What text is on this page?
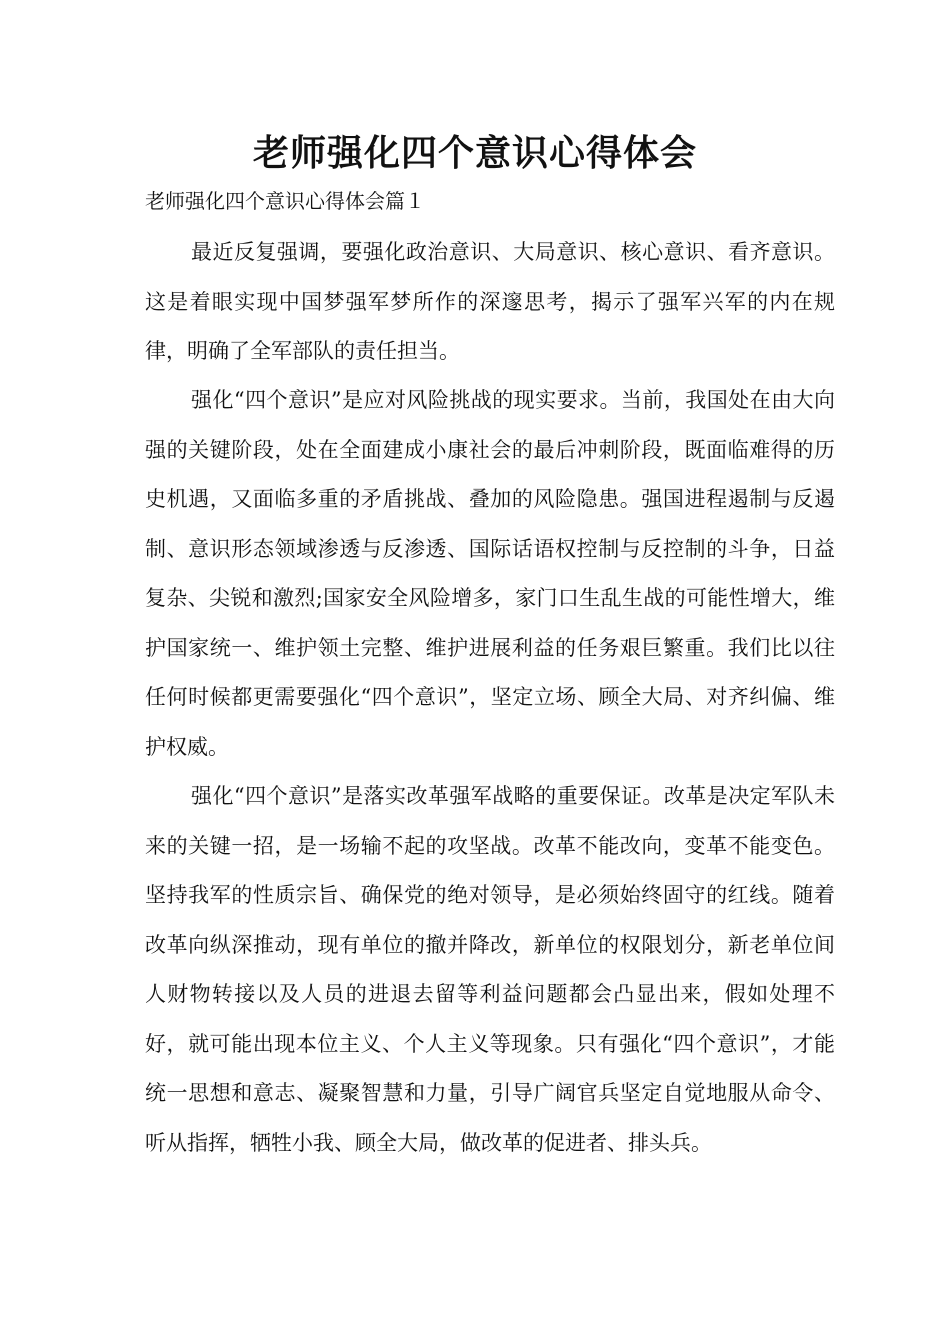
老师强化四个意识心得体会
老师强化四个意识心得体会篇１

最近反复强调，要强化政治意识、大局意识、核心意识、看齐意识。这是着眼实现中国梦强军梦所作的深邃思考，揭示了强军兴军的内在规律，明确了全军部队的责任担当。

强化“四个意识”是应对风险挑战的现实要求。当前，我国处在由大向强的关键阶段，处在全面建成小康社会的最后冲刺阶段，既面临难得的历史机遇，又面临多重的矛盾挑战、叠加的风险隐患。强国进程遏制与反遏制、意识形态领域渗透与反渗透、国际话语权控制与反控制的斗争，日益复杂、尖锐和激烈;国家安全风险增多，家门口生乱生战的可能性增大，维护国家统一、维护领土完整、维护进展利益的任务艰巨繁重。我们比以往任何时候都更需要强化“四个意识”，坚定立场、顾全大局、对齐纠偏、维护权威。

强化“四个意识”是落实改革强军战略的重要保证。改革是决定军队未来的关键一招，是一场输不起的攻坚战。改革不能改向，变革不能变色。坚持我军的性质宗旨、确保党的绝对领导，是必须始终固守的红线。随着改革向纵深推动，现有单位的撤并降改，新单位的权限划分，新老单位间人财物转接以及人员的进退去留等利益问题都会凸显出来，假如处理不好，就可能出现本位主义、个人主义等现象。只有强化“四个意识”，才能统一思想和意志、凝聚智慧和力量，引导广阔官兵坚定自觉地服从命令、听从指挥，牺牲小我、顾全大局，做改革的促进者、排头兵。
